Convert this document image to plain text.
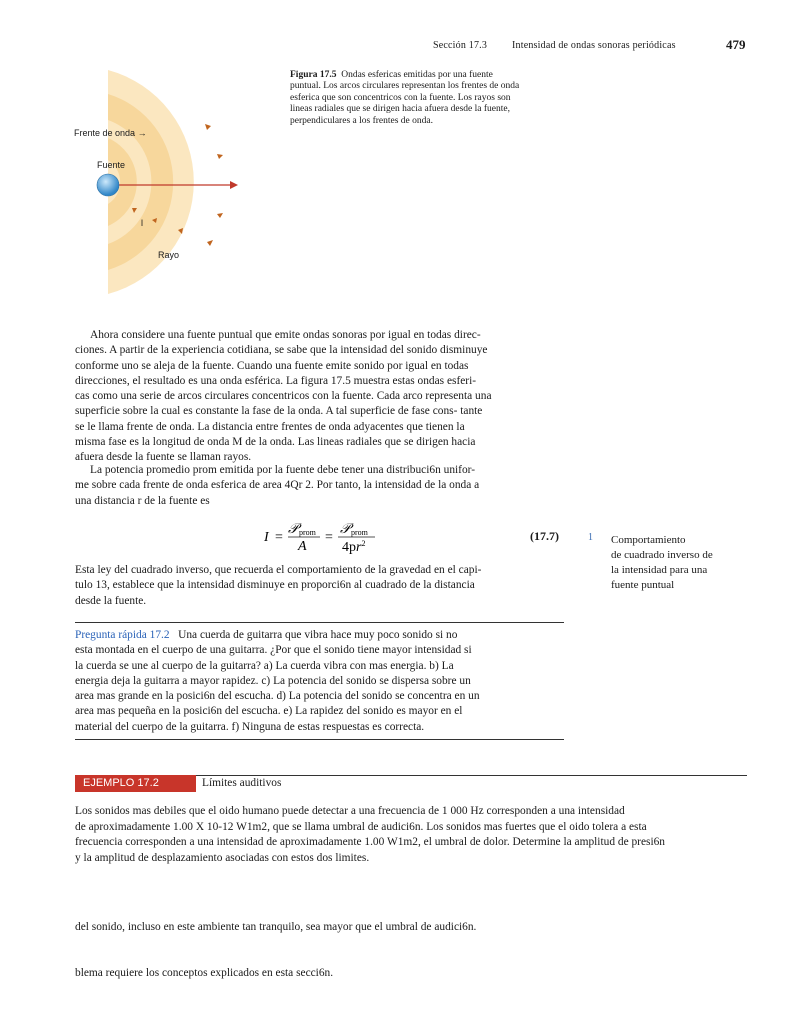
Sección 17.3 Intensidad de ondas sonoras periódicas	479
Frente de onda →
Fuente
l
Rayo
Figura 17.5 Ondas esfericas emitidas por una fuente
puntual. Los arcos circulares representan los frentes de onda
esferica que son concentricos con la fuente. Los rayos son
lineas radiales que se dirigen hacia afuera desde la fuente,
perpendiculares a los frentes de onda.
Ahora considere una fuente puntual que emite ondas sonoras por igual en todas direc-
ciones. A partir de la experiencia cotidiana, se sabe que la intensidad del sonido disminuye
conforme uno se aleja de la fuente. Cuando una fuente emite sonido por igual en todas
direcciones, el resultado es una onda esférica. La figura 17.5 muestra estas ondas esferi-
cas como una serie de arcos circulares concentricos con la fuente. Cada arco representa una
superficie sobre la cual es constante la fase de la onda. A tal superficie de fase cons- tante
se le llama frente de onda. La distancia entre frentes de onda adyacentes que tienen la
misma fase es la longitud de onda M de la onda. Las lineas radiales que se dirigen hacia
afuera desde la fuente se llaman rayos.
La potencia promedio prom emitida por la fuente debe tener una distribuci6n unifor-
me sobre cada frente de onda esferica de area 4Qr 2. Por tanto, la intensidad de la onda a
una distancia r de la fuente es
I =
𝒫 prom
A
=
𝒫 prom
$4pr^2$
(17.7)	1 Comportamiento
de cuadrado inverso de
la intensidad para una
fuente puntual
Esta ley del cuadrado inverso, que recuerda el comportamiento de la gravedad en el capi-
tulo 13, establece que la intensidad disminuye en proporci6n al cuadrado de la distancia
desde la fuente.
Pregunta rápida 17.2 Una cuerda de guitarra que vibra hace muy poco sonido si no
esta montada en el cuerpo de una guitarra. ¿Por que el sonido tiene mayor intensidad si
la cuerda se une al cuerpo de la guitarra? a) La cuerda vibra con mas energia. b) La
energia deja la guitarra a mayor rapidez. c) La potencia del sonido se dispersa sobre un
area mas grande en la posici6n del escucha. d) La potencia del sonido se concentra en un
area mas pequeña en la posici6n del escucha. e) La rapidez del sonido es mayor en el
material del cuerpo de la guitarra. f) Ninguna de estas respuestas es correcta.
EJEMPLO 17.2	Límites auditivos
Los sonidos mas debiles que el oido humano puede detectar a una frecuencia de 1 000 Hz corresponden a una intensidad
de aproximadamente 1.00 X 10-12 W1m2, que se llama umbral de audici6n. Los sonidos mas fuertes que el oido tolera a esta
frecuencia corresponden a una intensidad de aproximadamente 1.00 W1m2, el umbral de dolor. Determine la amplitud de presi6n
y la amplitud de desplazamiento asociadas con estos dos limites.
del sonido, incluso en este ambiente tan tranquilo, sea mayor que el umbral de audici6n.
blema requiere los conceptos explicados en esta secci6n.
